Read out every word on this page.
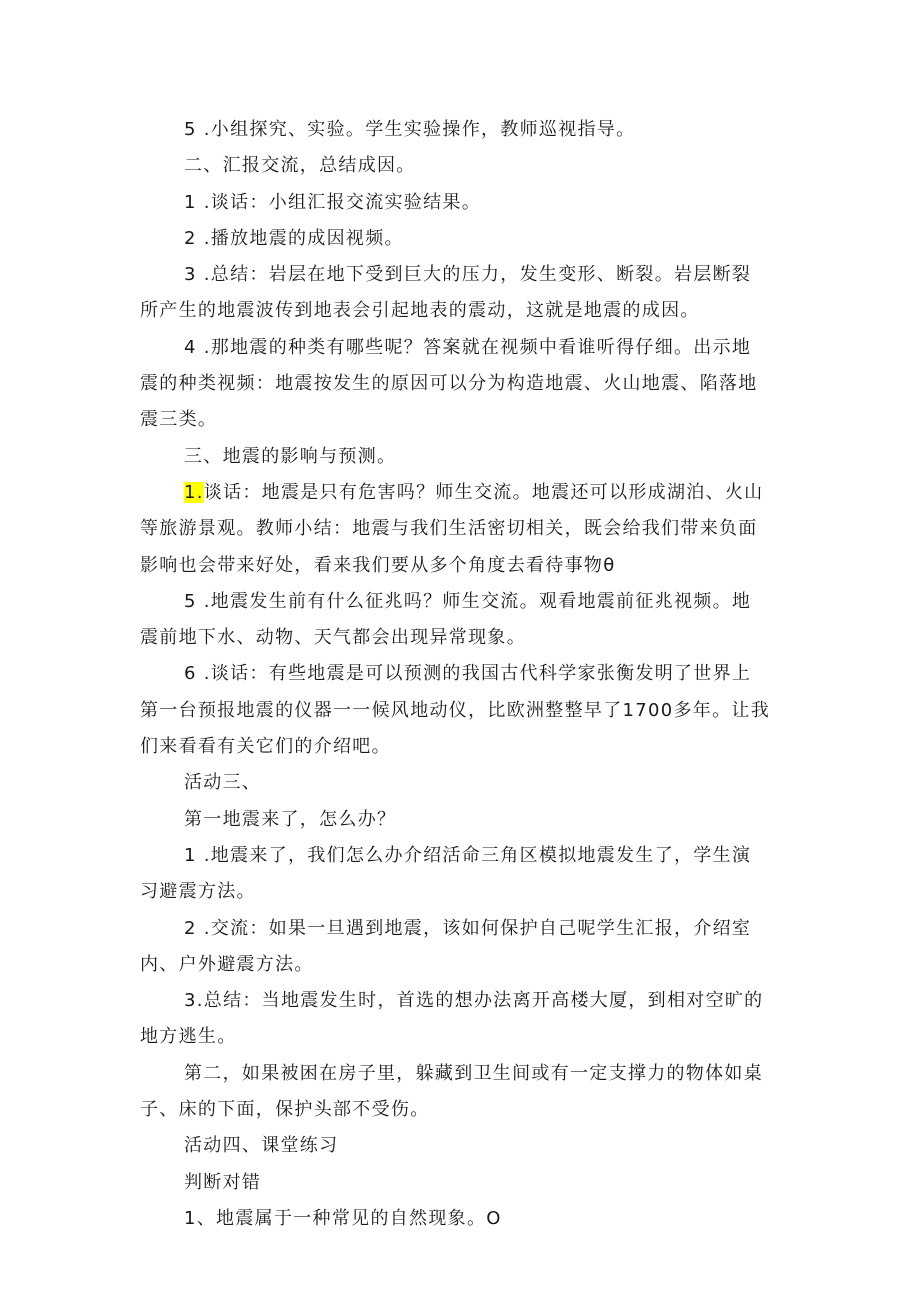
5 .小组探究、实验。学生实验操作，教师巡视指导。
二、汇报交流，总结成因。
1 .谈话：小组汇报交流实验结果。
2 .播放地震的成因视频。
3 .总结：岩层在地下受到巨大的压力，发生变形、断裂。岩层断裂
所产生的地震波传到地表会引起地表的震动，这就是地震的成因。
4 .那地震的种类有哪些呢？答案就在视频中看谁听得仔细。出示地
震的种类视频：地震按发生的原因可以分为构造地震、火山地震、陷落地
震三类。
三、地震的影响与预测。
1.谈话：地震是只有危害吗？师生交流。地震还可以形成湖泊、火山
等旅游景观。教师小结：地震与我们生活密切相关，既会给我们带来负面
影响也会带来好处，看来我们要从多个角度去看待事物θ
5 .地震发生前有什么征兆吗？师生交流。观看地震前征兆视频。地
震前地下水、动物、天气都会出现异常现象。
6 .谈话：有些地震是可以预测的我国古代科学家张衡发明了世界上
第一台预报地震的仪器一一候风地动仪，比欧洲整整早了1700多年。让我
们来看看有关它们的介绍吧。
活动三、
第一地震来了，怎么办？
1 .地震来了，我们怎么办介绍活命三角区模拟地震发生了，学生演
习避震方法。
2 .交流：如果一旦遇到地震，该如何保护自己呢学生汇报，介绍室
内、户外避震方法。
3.总结：当地震发生时，首选的想办法离开高楼大厦，到相对空旷的
地方逃生。
第二，如果被困在房子里，躲藏到卫生间或有一定支撑力的物体如桌
子、床的下面，保护头部不受伤。
活动四、课堂练习
判断对错
1、地震属于一种常见的自然现象。O
